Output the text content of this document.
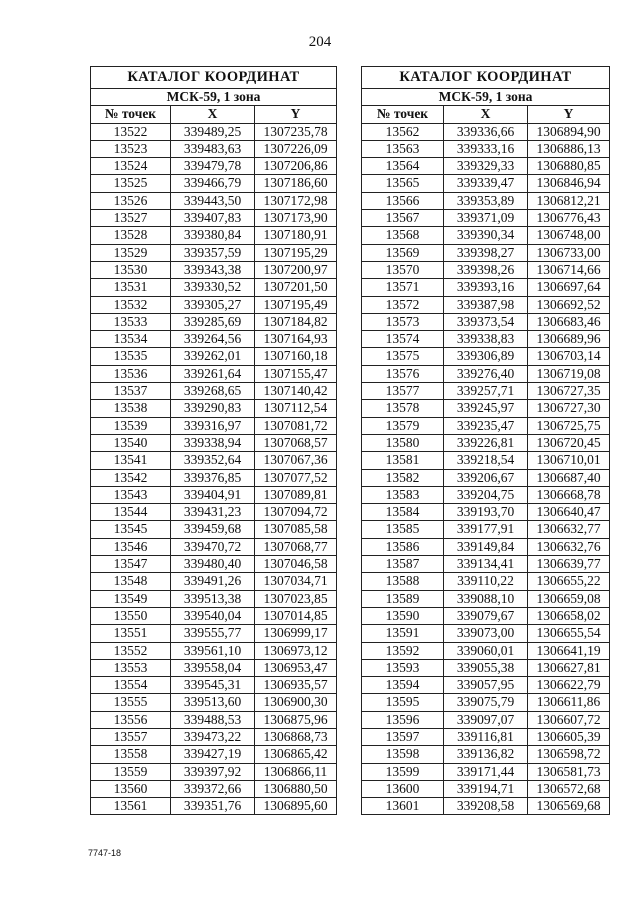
204
КАТАЛОГ КООРДИНАТ		
МСК-59, 1 зона		
№ точек	X	Y
13522	339489,25	1307235,78
13523	339483,63	1307226,09
13524	339479,78	1307206,86
13525	339466,79	1307186,60
13526	339443,50	1307172,98
13527	339407,83	1307173,90
13528	339380,84	1307180,91
13529	339357,59	1307195,29
13530	339343,38	1307200,97
13531	339330,52	1307201,50
13532	339305,27	1307195,49
13533	339285,69	1307184,82
13534	339264,56	1307164,93
13535	339262,01	1307160,18
13536	339261,64	1307155,47
13537	339268,65	1307140,42
13538	339290,83	1307112,54
13539	339316,97	1307081,72
13540	339338,94	1307068,57
13541	339352,64	1307067,36
13542	339376,85	1307077,52
13543	339404,91	1307089,81
13544	339431,23	1307094,72
13545	339459,68	1307085,58
13546	339470,72	1307068,77
13547	339480,40	1307046,58
13548	339491,26	1307034,71
13549	339513,38	1307023,85
13550	339540,04	1307014,85
13551	339555,77	1306999,17
13552	339561,10	1306973,12
13553	339558,04	1306953,47
13554	339545,31	1306935,57
13555	339513,60	1306900,30
13556	339488,53	1306875,96
13557	339473,22	1306868,73
13558	339427,19	1306865,42
13559	339397,92	1306866,11
13560	339372,66	1306880,50
13561	339351,76	1306895,60
КАТАЛОГ КООРДИНАТ		
МСК-59, 1 зона		
№ точек	X	Y
13562	339336,66	1306894,90
13563	339333,16	1306886,13
13564	339329,33	1306880,85
13565	339339,47	1306846,94
13566	339353,89	1306812,21
13567	339371,09	1306776,43
13568	339390,34	1306748,00
13569	339398,27	1306733,00
13570	339398,26	1306714,66
13571	339393,16	1306697,64
13572	339387,98	1306692,52
13573	339373,54	1306683,46
13574	339338,83	1306689,96
13575	339306,89	1306703,14
13576	339276,40	1306719,08
13577	339257,71	1306727,35
13578	339245,97	1306727,30
13579	339235,47	1306725,75
13580	339226,81	1306720,45
13581	339218,54	1306710,01
13582	339206,67	1306687,40
13583	339204,75	1306668,78
13584	339193,70	1306640,47
13585	339177,91	1306632,77
13586	339149,84	1306632,76
13587	339134,41	1306639,77
13588	339110,22	1306655,22
13589	339088,10	1306659,08
13590	339079,67	1306658,02
13591	339073,00	1306655,54
13592	339060,01	1306641,19
13593	339055,38	1306627,81
13594	339057,95	1306622,79
13595	339075,79	1306611,86
13596	339097,07	1306607,72
13597	339116,81	1306605,39
13598	339136,82	1306598,72
13599	339171,44	1306581,73
13600	339194,71	1306572,68
13601	339208,58	1306569,68
7747-18
